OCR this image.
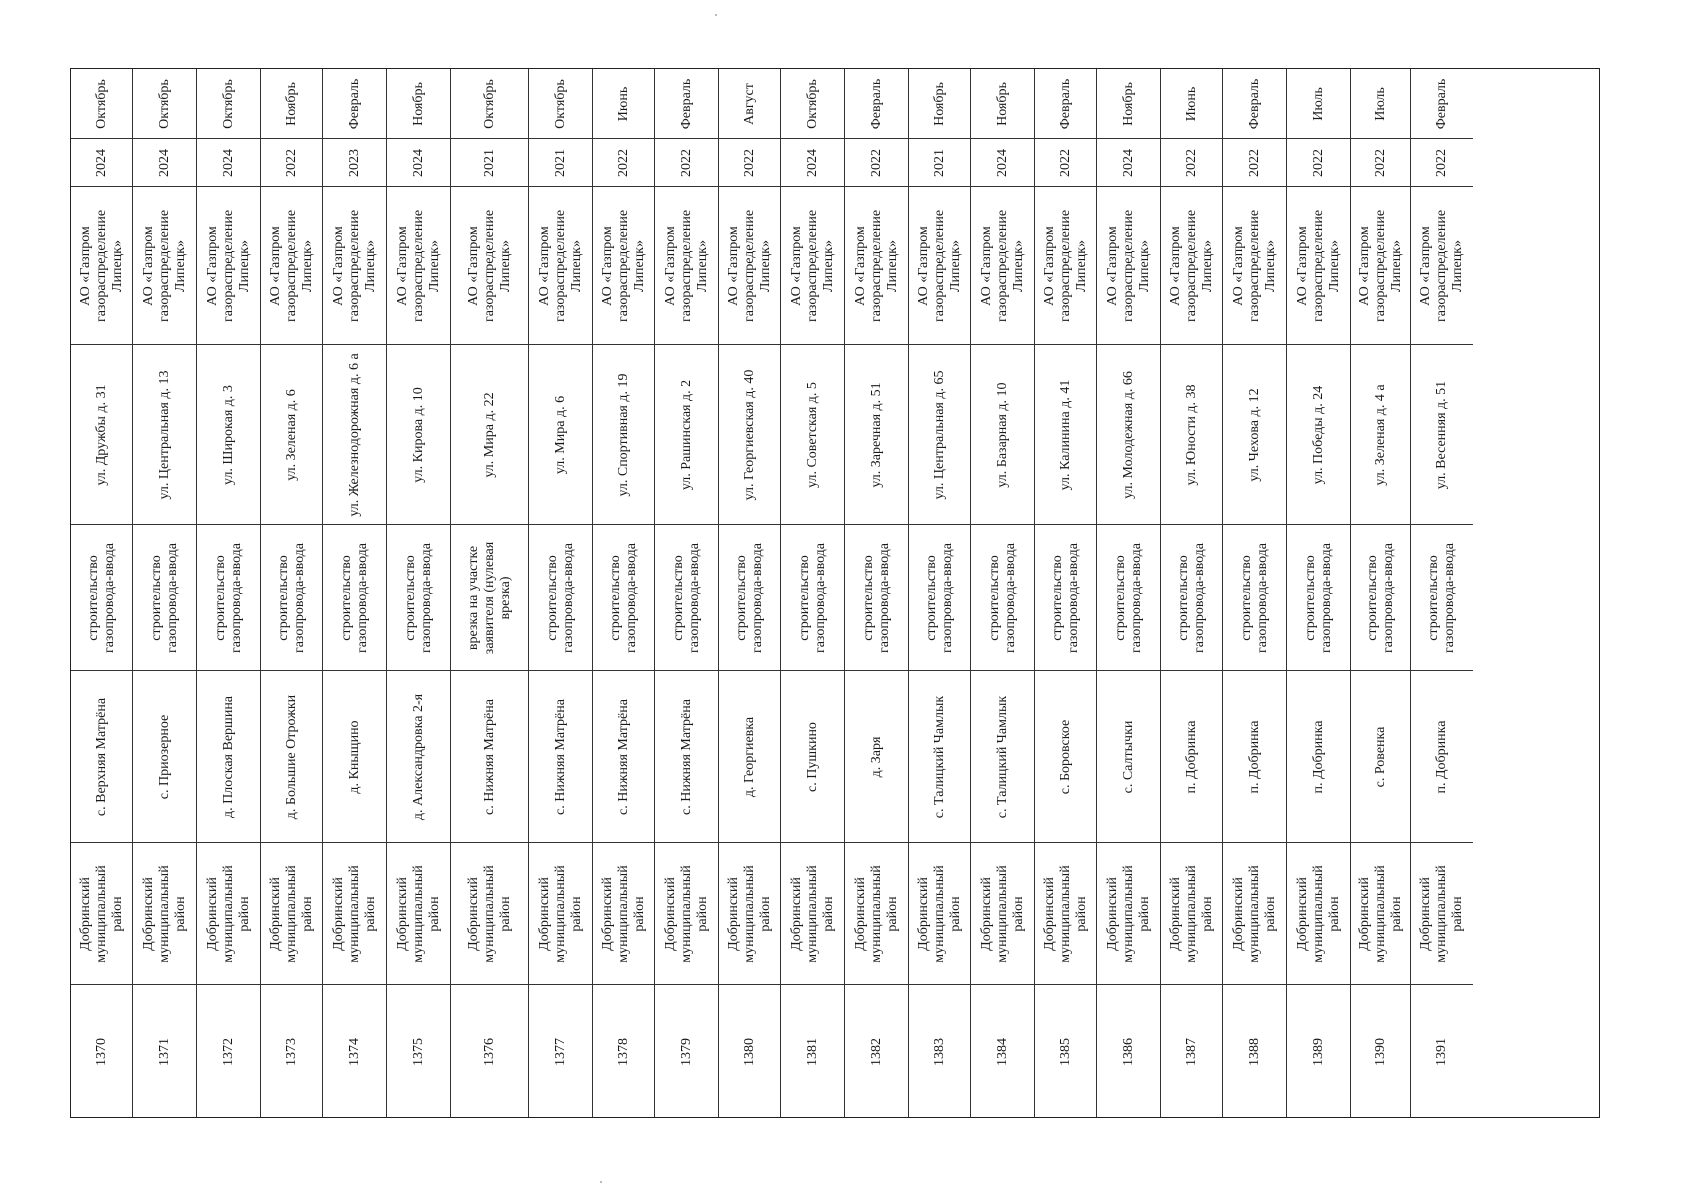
Октябрь
2024
АО «Газпром газораспределение Липецк»
ул. Дружбы д. 31
строительство газопровода-ввода
с. Верхняя Матрёна
Добринский муниципальный район
1370
Октябрь
2024
АО «Газпром газораспределение Липецк»
ул. Центральная д. 13
строительство газопровода-ввода
с. Приозерное
Добринский муниципальный район
1371
Октябрь
2024
АО «Газпром газораспределение Липецк»
ул. Широкая д. 3
строительство газопровода-ввода
д. Плоская Вершина
Добринский муниципальный район
1372
Ноябрь
2022
АО «Газпром газораспределение Липецк»
ул. Зеленая д. 6
строительство газопровода-ввода
д. Большие Отрожки
Добринский муниципальный район
1373
Февраль
2023
АО «Газпром газораспределение Липецк»
ул. Железнодорожная д. 6 а
строительство газопровода-ввода
д. Кныщино
Добринский муниципальный район
1374
Ноябрь
2024
АО «Газпром газораспределение Липецк»
ул. Кирова д. 10
строительство газопровода-ввода
д. Александровка 2-я
Добринский муниципальный район
1375
Октябрь
2021
АО «Газпром газораспределение Липецк»
ул. Мира д. 22
врезка на участке заявителя (нулевая врезка)
с. Нижняя Матрёна
Добринский муниципальный район
1376
Октябрь
2021
АО «Газпром газораспределение Липецк»
ул. Мира д. 6
строительство газопровода-ввода
с. Нижняя Матрёна
Добринский муниципальный район
1377
Июнь
2022
АО «Газпром газораспределение Липецк»
ул. Спортивная д. 19
строительство газопровода-ввода
с. Нижняя Матрёна
Добринский муниципальный район
1378
Февраль
2022
АО «Газпром газораспределение Липецк»
ул. Рашинская д. 2
строительство газопровода-ввода
с. Нижняя Матрёна
Добринский муниципальный район
1379
Август
2022
АО «Газпром газораспределение Липецк»
ул. Георгиевская д. 40
строительство газопровода-ввода
д. Георгиевка
Добринский муниципальный район
1380
Октябрь
2024
АО «Газпром газораспределение Липецк»
ул. Советская д. 5
строительство газопровода-ввода
с. Пушкино
Добринский муниципальный район
1381
Февраль
2022
АО «Газпром газораспределение Липецк»
ул. Заречная д. 51
строительство газопровода-ввода
д. Заря
Добринский муниципальный район
1382
Ноябрь
2021
АО «Газпром газораспределение Липецк»
ул. Центральная д. 65
строительство газопровода-ввода
с. Талицкий Чамлык
Добринский муниципальный район
1383
Ноябрь
2024
АО «Газпром газораспределение Липецк»
ул. Базарная д. 10
строительство газопровода-ввода
с. Талицкий Чамлык
Добринский муниципальный район
1384
Февраль
2022
АО «Газпром газораспределение Липецк»
ул. Калинина д. 41
строительство газопровода-ввода
с. Боровское
Добринский муниципальный район
1385
Ноябрь
2024
АО «Газпром газораспределение Липецк»
ул. Молодежная д. 66
строительство газопровода-ввода
с. Салтычки
Добринский муниципальный район
1386
Июнь
2022
АО «Газпром газораспределение Липецк»
ул. Юности д. 38
строительство газопровода-ввода
п. Добринка
Добринский муниципальный район
1387
Февраль
2022
АО «Газпром газораспределение Липецк»
ул. Чехова д. 12
строительство газопровода-ввода
п. Добринка
Добринский муниципальный район
1388
Июль
2022
АО «Газпром газораспределение Липецк»
ул. Победы д. 24
строительство газопровода-ввода
п. Добринка
Добринский муниципальный район
1389
Июль
2022
АО «Газпром газораспределение Липецк»
ул. Зеленая д. 4 а
строительство газопровода-ввода
с. Ровенка
Добринский муниципальный район
1390
Февраль
2022
АО «Газпром газораспределение Липецк»
ул. Весенняя д. 51
строительство газопровода-ввода
п. Добринка
Добринский муниципальный район
1391
